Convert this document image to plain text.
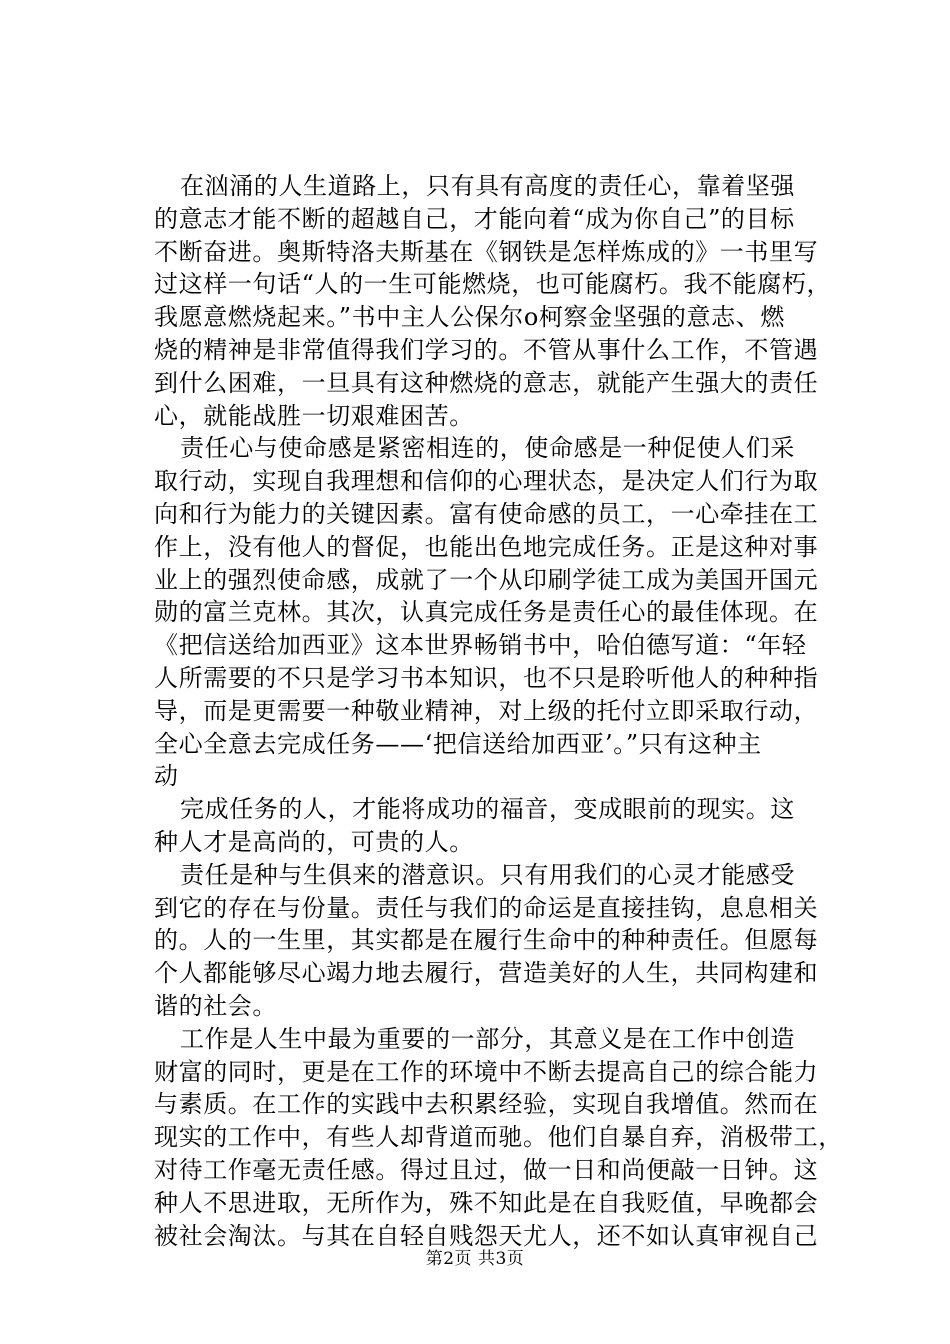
在汹涌的人生道路上，只有具有高度的责任心，靠着坚强
的意志才能不断的超越自己，才能向着“成为你自己”的目标
不断奋进。奥斯特洛夫斯基在《钢铁是怎样炼成的》一书里写
过这样一句话“人的一生可能燃烧，也可能腐朽。我不能腐朽，
我愿意燃烧起来。”书中主人公保尔o柯察金坚强的意志、燃
烧的精神是非常值得我们学习的。不管从事什么工作，不管遇
到什么困难，一旦具有这种燃烧的意志，就能产生强大的责任
心，就能战胜一切艰难困苦。
责任心与使命感是紧密相连的，使命感是一种促使人们采
取行动，实现自我理想和信仰的心理状态，是决定人们行为取
向和行为能力的关键因素。富有使命感的员工，一心牵挂在工
作上，没有他人的督促，也能出色地完成任务。正是这种对事
业上的强烈使命感，成就了一个从印刷学徒工成为美国开国元
勋的富兰克林。其次，认真完成任务是责任心的最佳体现。在
《把信送给加西亚》这本世界畅销书中，哈伯德写道：“年轻
人所需要的不只是学习书本知识，也不只是聆听他人的种种指
导，而是更需要一种敬业精神，对上级的托付立即采取行动，
全心全意去完成任务——‘把信送给加西亚’。”只有这种主
动
完成任务的人，才能将成功的福音，变成眼前的现实。这
种人才是高尚的，可贵的人。
责任是种与生俱来的潜意识。只有用我们的心灵才能感受
到它的存在与份量。责任与我们的命运是直接挂钩，息息相关
的。人的一生里，其实都是在履行生命中的种种责任。但愿每
个人都能够尽心竭力地去履行，营造美好的人生，共同构建和
谐的社会。
工作是人生中最为重要的一部分，其意义是在工作中创造
财富的同时，更是在工作的环境中不断去提高自己的综合能力
与素质。在工作的实践中去积累经验，实现自我增值。然而在
现实的工作中，有些人却背道而驰。他们自暴自弃，消极带工，
对待工作毫无责任感。得过且过，做一日和尚便敲一日钟。这
种人不思进取，无所作为，殊不知此是在自我贬值，早晚都会
被社会淘汰。与其在自轻自贱怨天尤人，还不如认真审视自己
第2页 共3页
